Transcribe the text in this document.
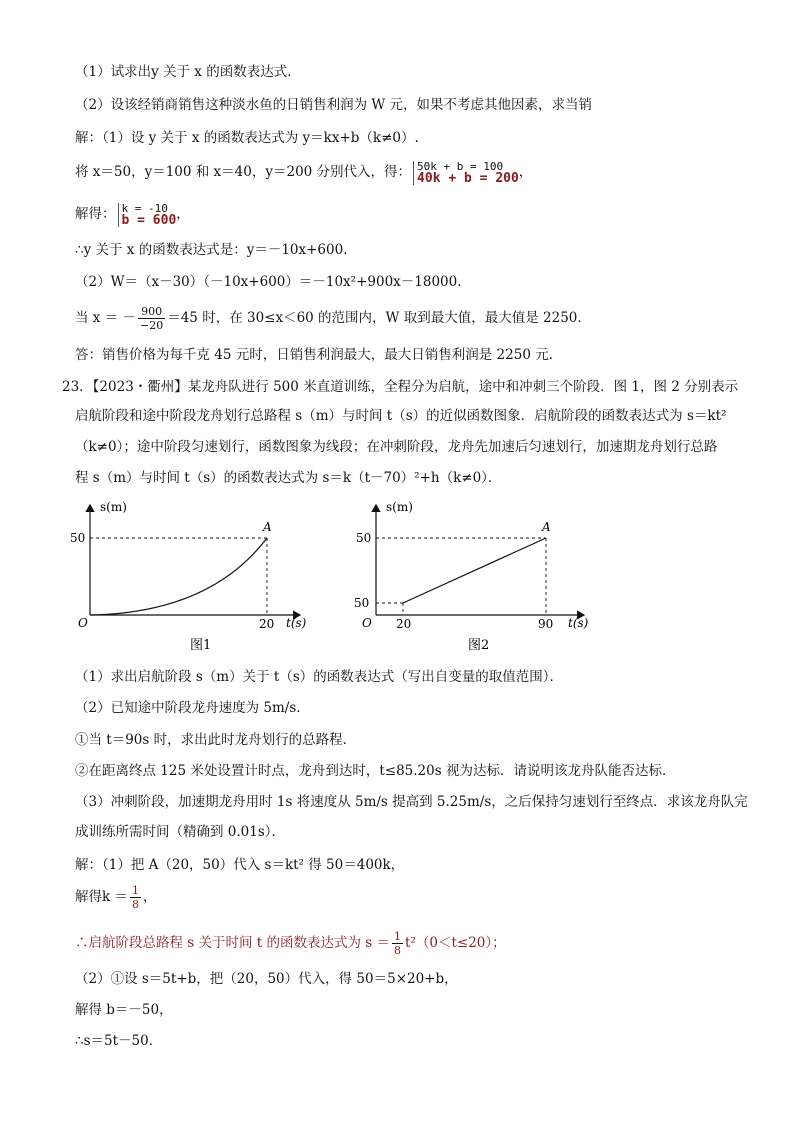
（1）试求出y 关于 x 的函数表达式．
（2）设该经销商销售这种淡水鱼的日销售利润为 W 元，如果不考虑其他因素，求当销
解：（1）设 y 关于 x 的函数表达式为 y＝kx+b（k≠0）.
将 x＝50，y＝100 和 x＝40，y＝200 分别代入，得： 50k + b = 100
40k + b = 200，
解得： k = -10
b = 600，
∴y 关于 x 的函数表达式是：y＝－10x+600．
（2）W＝（x－30）（－10x+600）＝－10x²+900x－18000．
当 x ＝ － $\frac{900}{-20} =45$ 时，在 30≤x＜60 的范围内，W 取到最大值，最大值是 2250．
答：销售价格为每千克 45 元时，日销售利润最大，最大日销售利润是 2250 元．
23．【2023・衢州】某龙舟队进行 500 米直道训练，全程分为启航，途中和冲刺三个阶段．图 1，图 2 分别表示
启航阶段和途中阶段龙舟划行总路程 s（m）与时间 t（s）的近似函数图象．启航阶段的函数表达式为 s＝kt²
（k≠0）；途中阶段匀速划行，函数图象为线段；在冲刺阶段，龙舟先加速后匀速划行，加速期龙舟划行总路
程 s（m）与时间 t（s）的函数表达式为 s＝k（t－70）²+h（k≠0）．
s(m)
t(s)
O
A
50
20
图1
s(m)
t(s)
O
A
50
50
20	90
图2
（1）求出启航阶段 s（m）关于 t（s）的函数表达式（写出自变量的取值范围）．
（2）已知途中阶段龙舟速度为 5m/s．
①当 t＝90s 时，求出此时龙舟划行的总路程．
②在距离终点 125 米处设置计时点，龙舟到达时，t≤85.20s 视为达标．请说明该龙舟队能否达标．
（3）冲刺阶段，加速期龙舟用时 1s 将速度从 5m/s 提高到 5.25m/s，之后保持匀速划行至终点．求该龙舟队完
成训练所需时间（精确到 0.01s）．
解：（1）把 A（20，50）代入 s＝kt² 得 50＝400k，
解得$k = \frac{1}{8}$ ，
∴启航阶段总路程 s 关于时间 t 的函数表达式为 $s = \frac{1}{8} t^2(0<t\le 20)$；
（2）①设 s＝5t+b，把（20，50）代入，得 50＝5×20+b，
解得 b＝－50，
∴s＝5t－50．
